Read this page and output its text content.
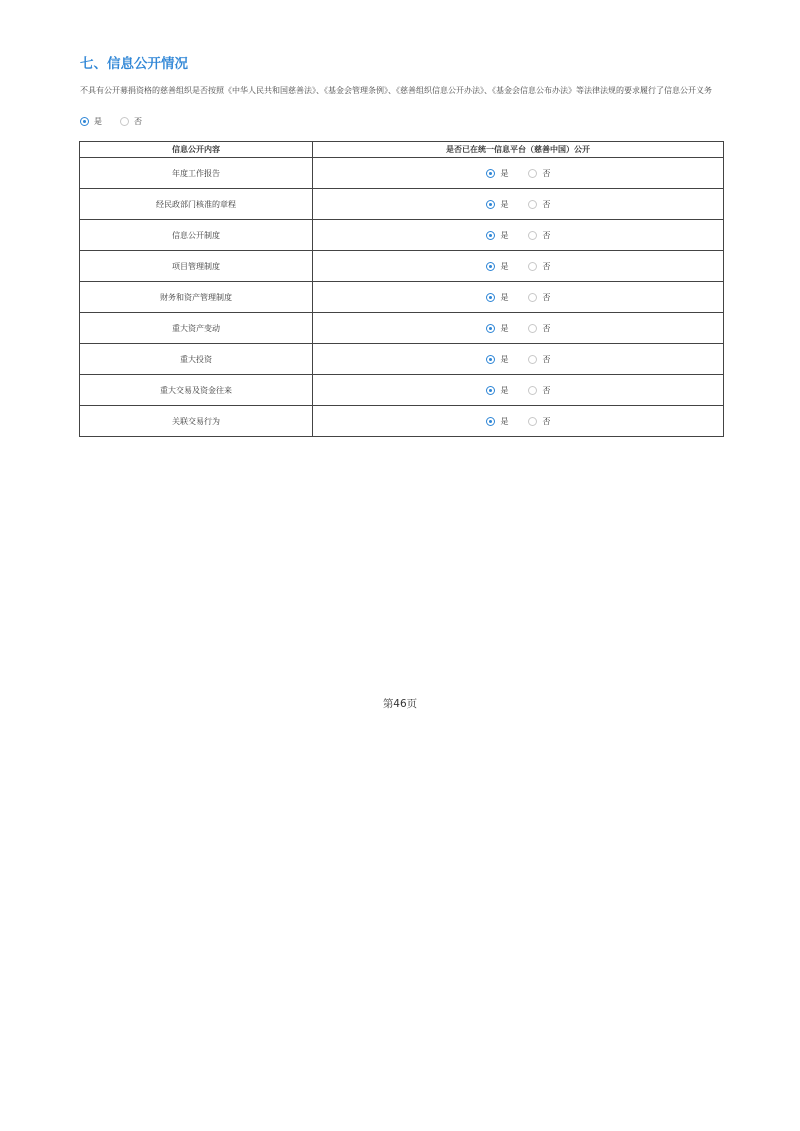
七、信息公开情况
不具有公开募捐资格的慈善组织是否按照《中华人民共和国慈善法》、《基金会管理条例》、《慈善组织信息公开办法》、《基金会信息公布办法》等法律法规的要求履行了信息公开义务
是	否
信息公开内容	是否已在统一信息平台（慈善中国）公开
年度工作报告	是 否

经民政部门核准的章程	是 否

信息公开制度	是 否

项目管理制度	是 否

财务和资产管理制度	是 否

重大资产变动	是 否

重大投资	是 否

重大交易及资金往来	是 否

关联交易行为	是 否
第46页
